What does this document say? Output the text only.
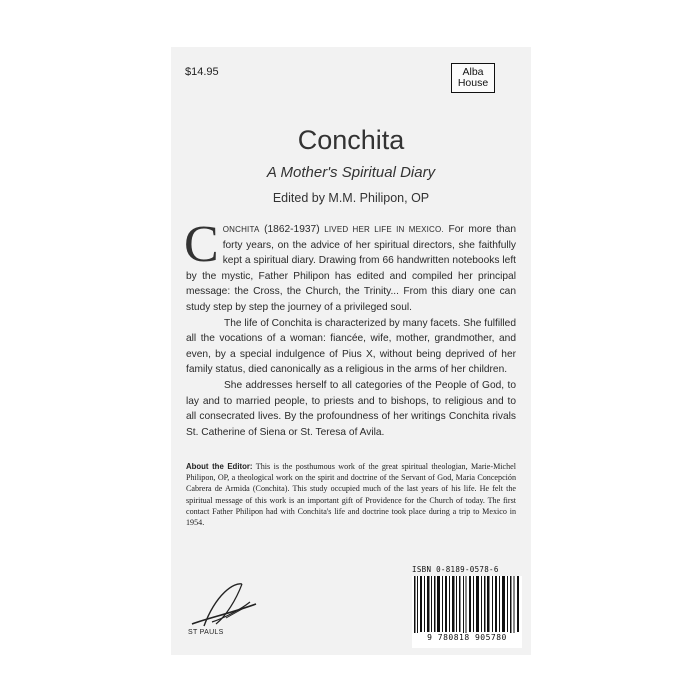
$14.95	Alba
House
Conchita
A Mother's Spiritual Diary
Edited by M.M. Philipon, OP

CONCHITA (1862-1937) LIVED HER LIFE IN MEXICO. For more than forty years, on the advice of her spiritual directors, she faithfully kept a spiritual diary. Drawing from 66 handwritten notebooks left by the mystic, Father Philipon has edited and compiled her principal message: the Cross, the Church, the Trinity... From this diary one can study step by step the journey of a privileged soul.

The life of Conchita is characterized by many facets. She fulfilled all the vocations of a woman: fiancée, wife, mother, grandmother, and even, by a special indulgence of Pius X, without being deprived of her family status, died canonically as a religious in the arms of her children.

She addresses herself to all categories of the People of God, to lay and to married people, to priests and to bishops, to religious and to all consecrated lives. By the profoundness of her writings Conchita rivals St. Catherine of Siena or St. Teresa of Avila.

About the Editor: This is the posthumous work of the great spiritual theologian, Marie-Michel Philipon, OP, a theological work on the spirit and doctrine of the Servant of God, Maria Concepción Cabrera de Armida (Conchita). This study occupied much of the last years of his life. He felt the spiritual message of this work is an important gift of Providence for the Church of today. The first contact Father Philipon had with Conchita's life and doctrine took place during a trip to Mexico in 1954.
ST PAULS
ISBN 0-8189-0578-6
9 780818 905780
